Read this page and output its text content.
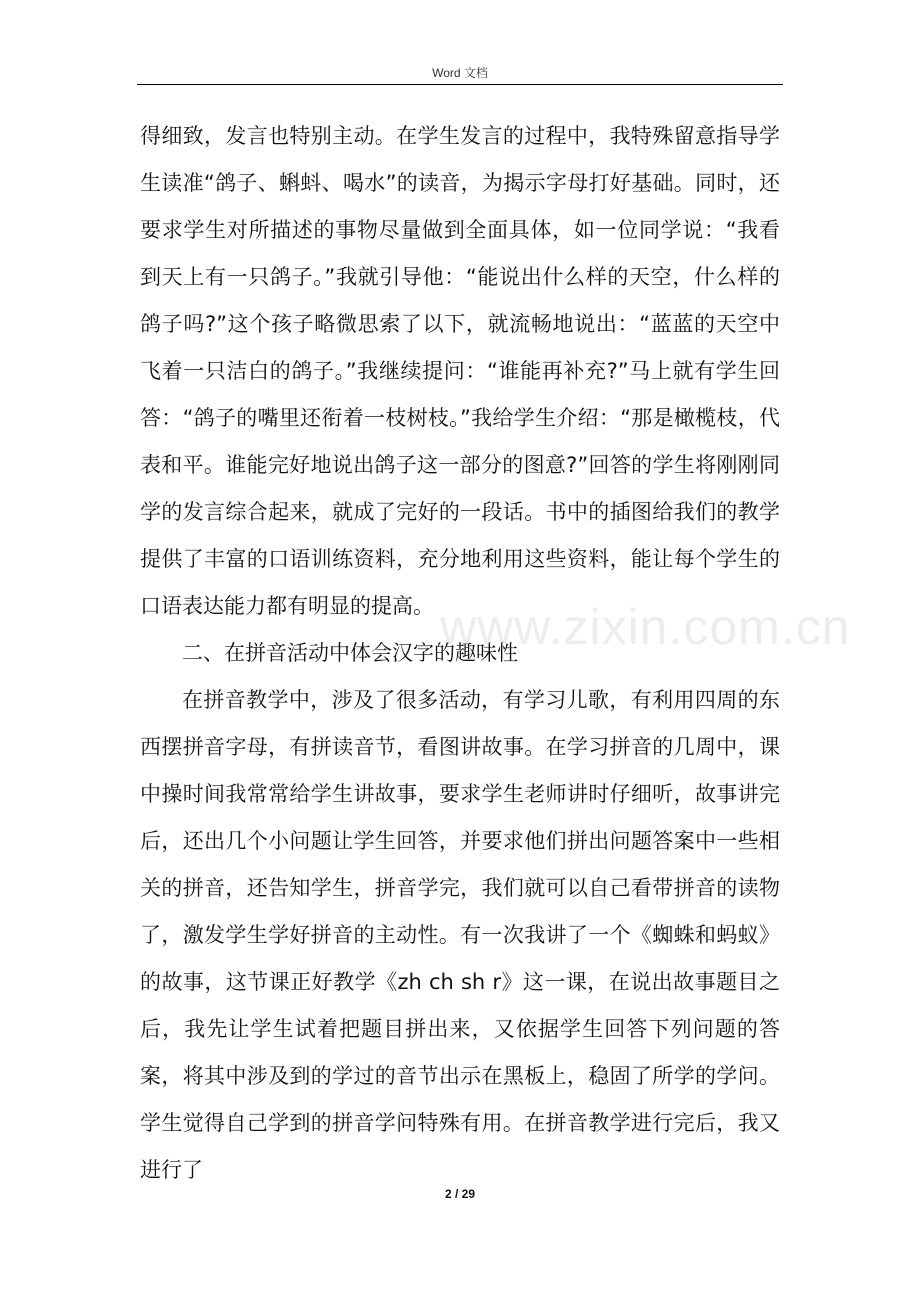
Word 文档

得细致，发言也特别主动。在学生发言的过程中，我特殊留意指导学生读准“鸽子、蝌蚪、喝水”的读音，为揭示字母打好基础。同时，还要求学生对所描述的事物尽量做到全面具体，如一位同学说：“我看到天上有一只鸽子。”我就引导他：“能说出什么样的天空，什么样的鸽子吗?”这个孩子略微思索了以下，就流畅地说出：“蓝蓝的天空中飞着一只洁白的鸽子。”我继续提问：“谁能再补充?”马上就有学生回答：“鸽子的嘴里还衔着一枝树枝。”我给学生介绍：“那是橄榄枝，代表和平。谁能完好地说出鸽子这一部分的图意?”回答的学生将刚刚同学的发言综合起来，就成了完好的一段话。书中的插图给我们的教学提供了丰富的口语训练资料，充分地利用这些资料，能让每个学生的口语表达能力都有明显的提高。

二、在拼音活动中体会汉字的趣味性

在拼音教学中，涉及了很多活动，有学习儿歌，有利用四周的东西摆拼音字母，有拼读音节，看图讲故事。在学习拼音的几周中，课中操时间我常常给学生讲故事，要求学生老师讲时仔细听，故事讲完后，还出几个小问题让学生回答，并要求他们拼出问题答案中一些相关的拼音，还告知学生，拼音学完，我们就可以自己看带拼音的读物了，激发学生学好拼音的主动性。有一次我讲了一个《蜘蛛和蚂蚁》的故事，这节课正好教学《zh ch sh r》这一课，在说出故事题目之后，我先让学生试着把题目拼出来，又依据学生回答下列问题的答案，将其中涉及到的学过的音节出示在黑板上，稳固了所学的学问。学生觉得自己学到的拼音学问特殊有用。在拼音教学进行完后，我又进行了

www.zixin.com.cn
2 / 29
